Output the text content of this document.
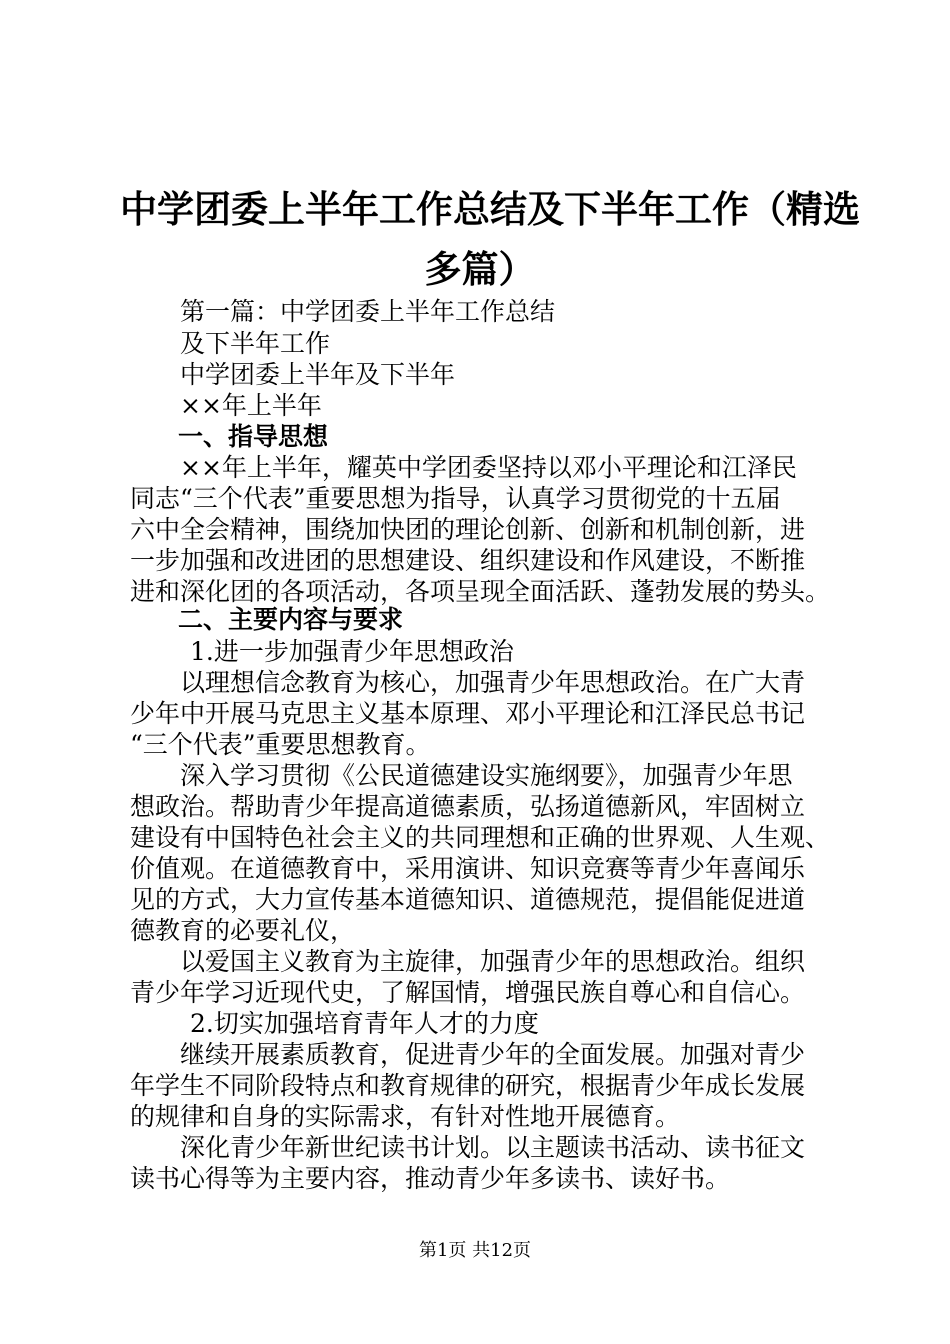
中学团委上半年工作总结及下半年工作（精选
多篇）
第一篇：中学团委上半年工作总结
及下半年工作
中学团委上半年及下半年
××年上半年
一、指导思想
××年上半年，耀英中学团委坚持以邓小平理论和江泽民
同志“三个代表”重要思想为指导，认真学习贯彻党的十五届
六中全会精神，围绕加快团的理论创新、创新和机制创新，进
一步加强和改进团的思想建设、组织建设和作风建设，不断推
进和深化团的各项活动，各项呈现全面活跃、蓬勃发展的势头。
二、主要内容与要求
1.进一步加强青少年思想政治
以理想信念教育为核心，加强青少年思想政治。在广大青
少年中开展马克思主义基本原理、邓小平理论和江泽民总书记
“三个代表”重要思想教育。
深入学习贯彻《公民道德建设实施纲要》，加强青少年思
想政治。帮助青少年提高道德素质，弘扬道德新风，牢固树立
建设有中国特色社会主义的共同理想和正确的世界观、人生观、
价值观。在道德教育中，采用演讲、知识竞赛等青少年喜闻乐
见的方式，大力宣传基本道德知识、道德规范，提倡能促进道
德教育的必要礼仪，
以爱国主义教育为主旋律，加强青少年的思想政治。组织
青少年学习近现代史，了解国情，增强民族自尊心和自信心。
2.切实加强培育青年人才的力度
继续开展素质教育，促进青少年的全面发展。加强对青少
年学生不同阶段特点和教育规律的研究，根据青少年成长发展
的规律和自身的实际需求，有针对性地开展德育。
深化青少年新世纪读书计划。以主题读书活动、读书征文
读书心得等为主要内容，推动青少年多读书、读好书。
第1页 共12页
